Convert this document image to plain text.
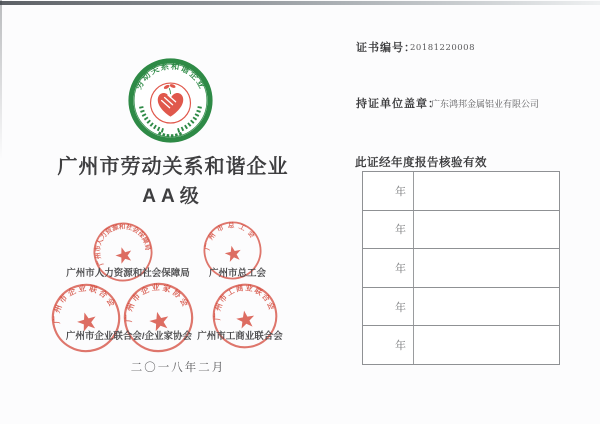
劳动关系和谐企业
广州市劳动关系和谐企业
AA级
广州市人力资源和社会保障局	广州市总工会
广州市企业联合会
广州市企业家协会
广州市工商业联合会
广州市人力资源和社会保障局	广州市总工会
广州市企业联合会/企业家协会 广州市工商业联合会
二〇一八年二月
证书编号：
20181220008
持证单位盖章：
广东鸿邦金属铝业有限公司
此证经年度报告核验有效
年
年
年
年
年
